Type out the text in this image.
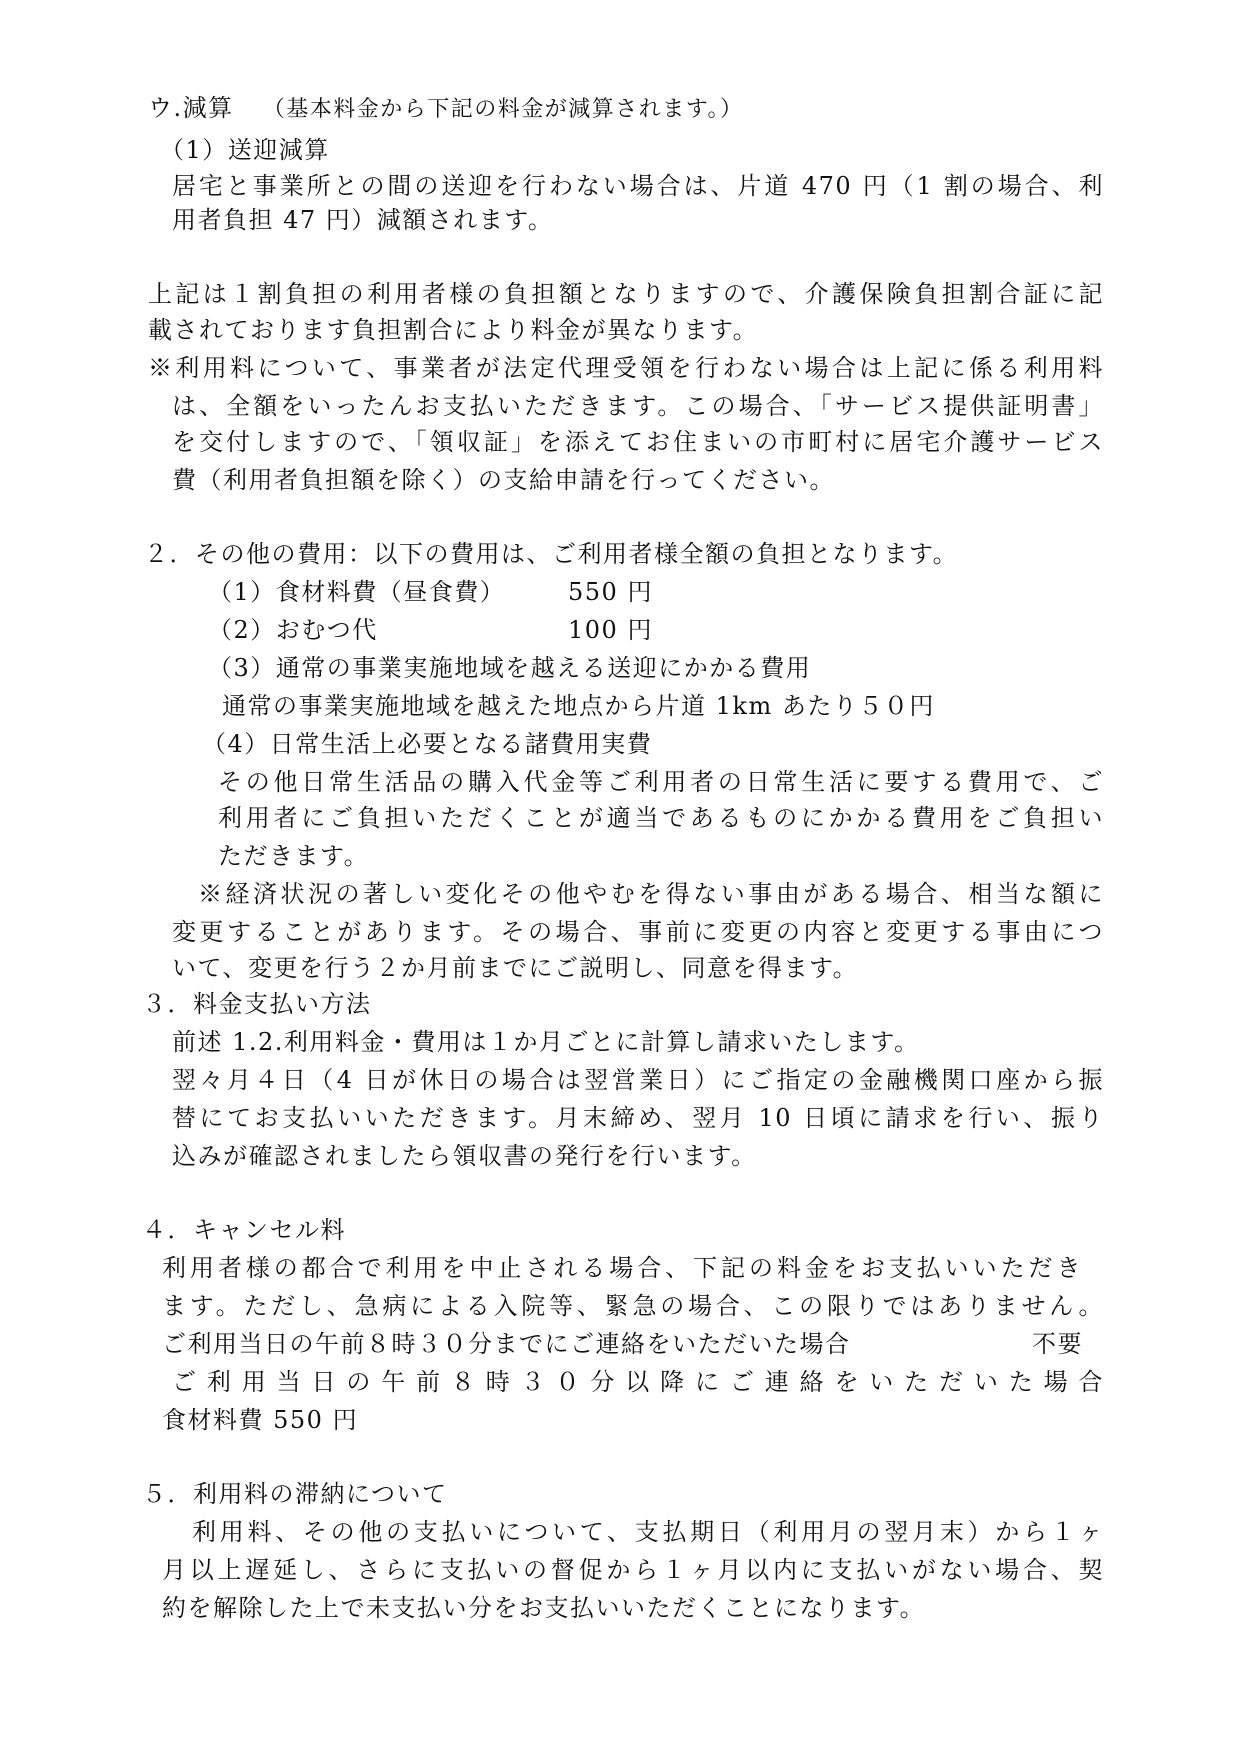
ウ.減算 （基本料金から下記の料金が減算されます。）
（1）送迎減算
居宅と事業所との間の送迎を行わない場合は、片道 470 円（1 割の場合、利
用者負担 47 円）減額されます。
上記は１割負担の利用者様の負担額となりますので、介護保険負担割合証に記
載されております負担割合により料金が異なります。
※利用料について、事業者が法定代理受領を行わない場合は上記に係る利用料
は、全額をいったんお支払いただきます。この場合、「サービス提供証明書」
を交付しますので、「領収証」を添えてお住まいの市町村に居宅介護サービス
費（利用者負担額を除く）の支給申請を行ってください。
２．その他の費用：以下の費用は、ご利用者様全額の負担となります。
（1）食材料費（昼食費）	550 円
（2）おむつ代	100 円
（3）通常の事業実施地域を越える送迎にかかる費用
通常の事業実施地域を越えた地点から片道 1km あたり５０円
（4）日常生活上必要となる諸費用実費
その他日常生活品の購入代金等ご利用者の日常生活に要する費用で、ご
利用者にご負担いただくことが適当であるものにかかる費用をご負担い
ただきます。
※経済状況の著しい変化その他やむを得ない事由がある場合、相当な額に
変更することがあります。その場合、事前に変更の内容と変更する事由につ
いて、変更を行う２か月前までにご説明し、同意を得ます。
３．料金支払い方法
前述 1.2.利用料金・費用は１か月ごとに計算し請求いたします。
翌々月４日（4 日が休日の場合は翌営業日）にご指定の金融機関口座から振
替にてお支払いいただきます。月末締め、翌月 10 日頃に請求を行い、振り
込みが確認されましたら領収書の発行を行います。
４．キャンセル料
利用者様の都合で利用を中止される場合、下記の料金をお支払いいただき
ます。ただし、急病による入院等、緊急の場合、この限りではありません。
ご利用当日の午前８時３０分までにご連絡をいただいた場合	不要
ご利用当日の午前８時３０分以降にご連絡をいただいた場合
食材料費 550 円
５．利用料の滞納について
利用料、その他の支払いについて、支払期日（利用月の翌月末）から１ヶ
月以上遅延し、さらに支払いの督促から１ヶ月以内に支払いがない場合、契
約を解除した上で未支払い分をお支払いいただくことになります。
